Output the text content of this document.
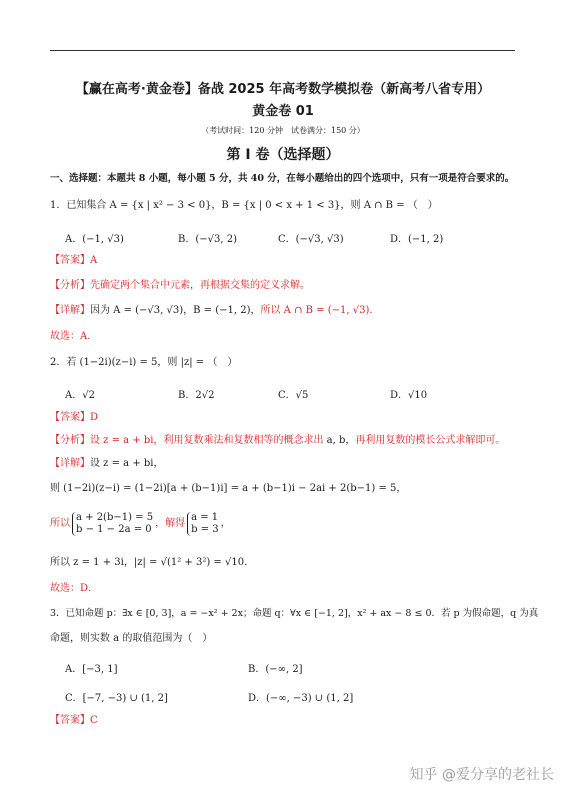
【赢在高考·黄金卷】备战 2025 年高考数学模拟卷（新高考八省专用）
黄金卷 01
（考试时间：120 分钟　试卷满分：150 分）
第 I 卷（选择题）
一、选择题：本题共 8 小题，每小题 5 分，共 40 分，在每小题给出的四个选项中，只有一项是符合要求的。
1．已知集合 A = {x | x² − 3 < 0}，B = {x | 0 < x + 1 < 3}，则 A ∩ B = （　）
A．(−1, √3)	B．(−√3, 2)	C．(−√3, √3)	D．(−1, 2)
【答案】A
【分析】先确定两个集合中元素，再根据交集的定义求解。
【详解】因为 A = (−√3, √3)，B = (−1, 2)，所以 A ∩ B = (−1, √3)．
故选：A．
2．若 (1−2i)(z−i) = 5，则 |z| = （　）
A．√2	B．2√2	C．√5	D．√10
【答案】D
【分析】设 z = a + bi，利用复数乘法和复数相等的概念求出 a, b，再利用复数的模长公式求解即可。
【详解】设 z = a + bi，
则 (1−2i)(z−i) = (1−2i)[a + (b−1)i] = a + (b−1)i − 2ai + 2(b−1) = 5，
所以
a + 2(b−1) = 5
b − 1 − 2a = 0 ，解得
a = 1
b = 3 ，
所以 z = 1 + 3i，|z| = √(1² + 3²) = √10．
故选：D．
3．已知命题 p：∃x ∈ [0, 3]，a = −x² + 2x；命题 q：∀x ∈ [−1, 2]，x² + ax − 8 ≤ 0．若 p 为假命题，q 为真
命题，则实数 a 的取值范围为（　）
A．[−3, 1]	B．(−∞, 2]
C．[−7, −3) ∪ (1, 2]	D．(−∞, −3) ∪ (1, 2]
【答案】C
知乎 @爱分享的老社长
